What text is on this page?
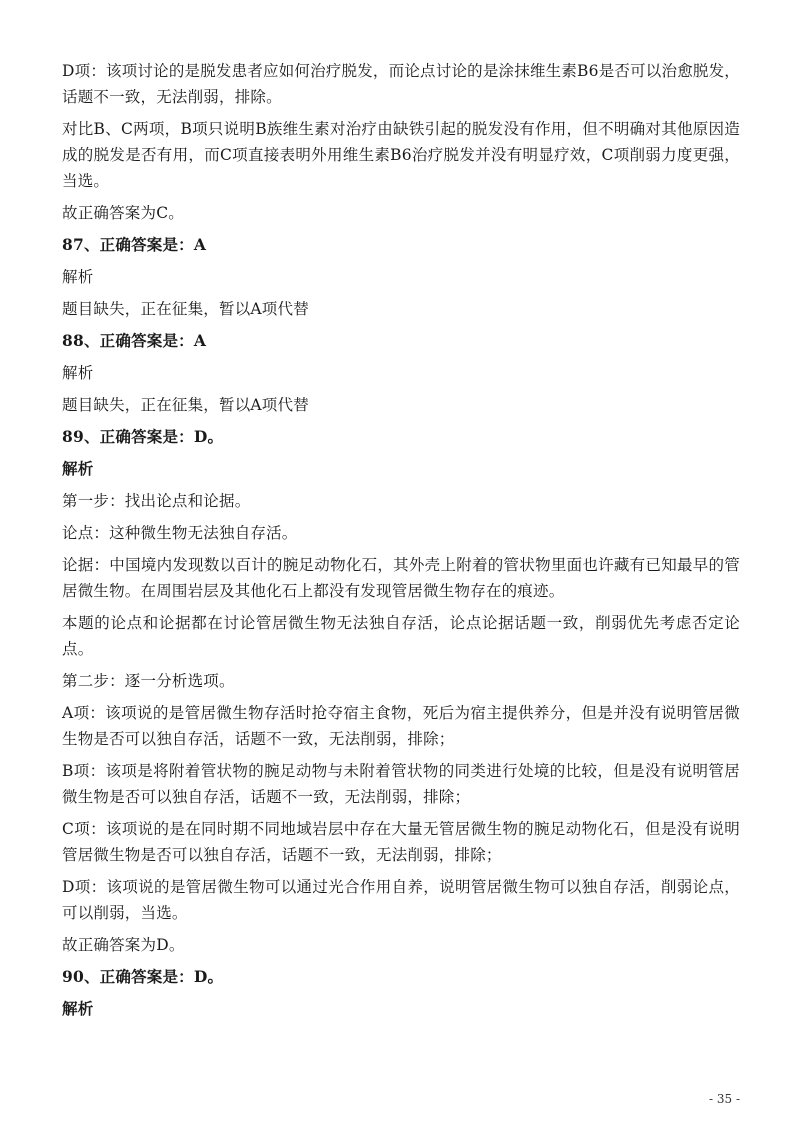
D项：该项讨论的是脱发患者应如何治疗脱发，而论点讨论的是涂抹维生素B6是否可以治愈脱发，话题不一致，无法削弱，排除。

对比B、C两项，B项只说明B族维生素对治疗由缺铁引起的脱发没有作用，但不明确对其他原因造成的脱发是否有用，而C项直接表明外用维生素B6治疗脱发并没有明显疗效，C项削弱力度更强，当选。

故正确答案为C。

87、正确答案是：A

解析

题目缺失，正在征集，暂以A项代替

88、正确答案是：A

解析

题目缺失，正在征集，暂以A项代替

89、正确答案是：D。

解析

第一步：找出论点和论据。

论点：这种微生物无法独自存活。

论据：中国境内发现数以百计的腕足动物化石，其外壳上附着的管状物里面也许藏有已知最早的管居微生物。在周围岩层及其他化石上都没有发现管居微生物存在的痕迹。

本题的论点和论据都在讨论管居微生物无法独自存活，论点论据话题一致，削弱优先考虑否定论点。

第二步：逐一分析选项。

A项：该项说的是管居微生物存活时抢夺宿主食物，死后为宿主提供养分，但是并没有说明管居微生物是否可以独自存活，话题不一致，无法削弱，排除；

B项：该项是将附着管状物的腕足动物与未附着管状物的同类进行处境的比较，但是没有说明管居微生物是否可以独自存活，话题不一致，无法削弱，排除；

C项：该项说的是在同时期不同地域岩层中存在大量无管居微生物的腕足动物化石，但是没有说明管居微生物是否可以独自存活，话题不一致，无法削弱，排除；

D项：该项说的是管居微生物可以通过光合作用自养，说明管居微生物可以独自存活，削弱论点，可以削弱，当选。

故正确答案为D。

90、正确答案是：D。

解析

- 35 -
